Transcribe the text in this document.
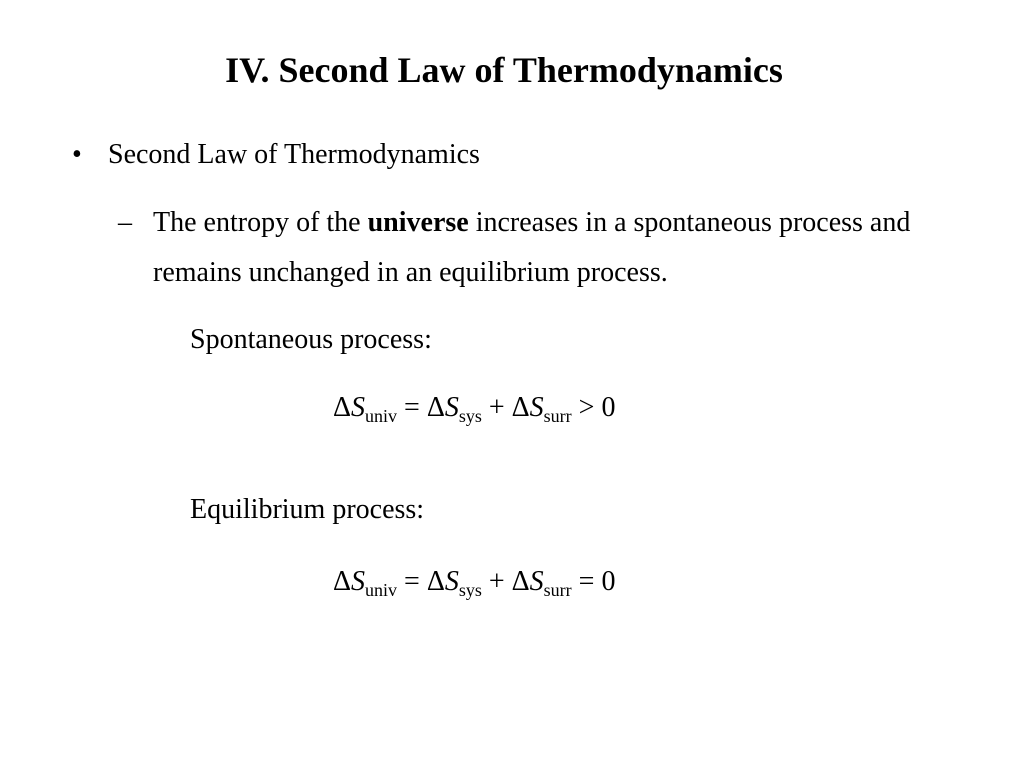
IV. Second Law of Thermodynamics
• Second Law of Thermodynamics
– The entropy of the universe increases in a spontaneous process and remains unchanged in an equilibrium process.
Spontaneous process:
$\Delta S_{univ} = \Delta S_{sys} + \Delta S_{surr} > 0$
Equilibrium process:
$\Delta S_{univ} = \Delta S_{sys} + \Delta S_{surr} = 0$
